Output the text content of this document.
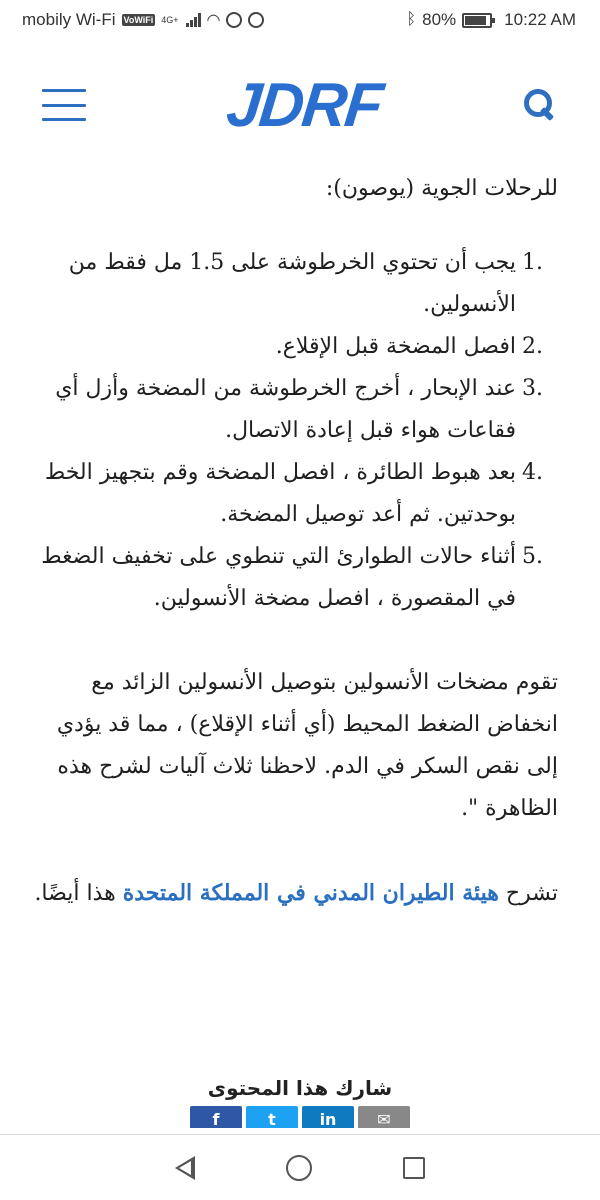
mobily Wi-Fi VoWiFi 4G+ ◠	ᛒ 80%	10:22 AM
JDRF

للرحلات الجوية (يوصون):

.1
يجب أن تحتوي الخرطوشة على 1.5 مل فقط من الأنسولين.
.2
افصل المضخة قبل الإقلاع.
.3
عند الإبحار ، أخرج الخرطوشة من المضخة وأزل أي فقاعات هواء قبل إعادة الاتصال.
.4
بعد هبوط الطائرة ، افصل المضخة وقم بتجهيز الخط بوحدتين. ثم أعد توصيل المضخة.
.5
أثناء حالات الطوارئ التي تنطوي على تخفيف الضغط في المقصورة ، افصل مضخة الأنسولين.

تقوم مضخات الأنسولين بتوصيل الأنسولين الزائد مع انخفاض الضغط المحيط (أي أثناء الإقلاع) ، مما قد يؤدي إلى نقص السكر في الدم. لاحظنا ثلاث آليات لشرح هذه الظاهرة ".

تشرح هيئة الطيران المدني في المملكة المتحدة هذا أيضًا.

شارك هذا المحتوى
f	t	in	✉
